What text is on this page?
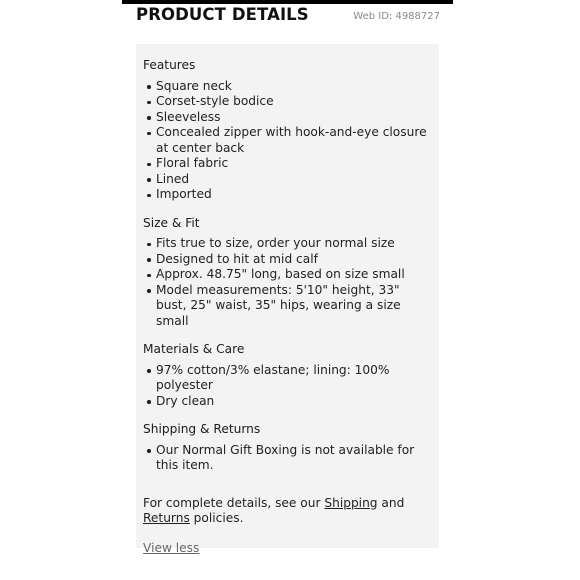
PRODUCT DETAILS	Web ID: 4988727
Features
Square neck
Corset-style bodice
Sleeveless
Concealed zipper with hook-and-eye closure at center back
Floral fabric
Lined
Imported
Size & Fit
Fits true to size, order your normal size
Designed to hit at mid calf
Approx. 48.75" long, based on size small
Model measurements: 5'10" height, 33" bust, 25" waist, 35" hips, wearing a size small
Materials & Care
97% cotton/3% elastane; lining: 100% polyester
Dry clean
Shipping & Returns
Our Normal Gift Boxing is not available for this item.
For complete details, see our Shipping and
Returns policies.
View less
